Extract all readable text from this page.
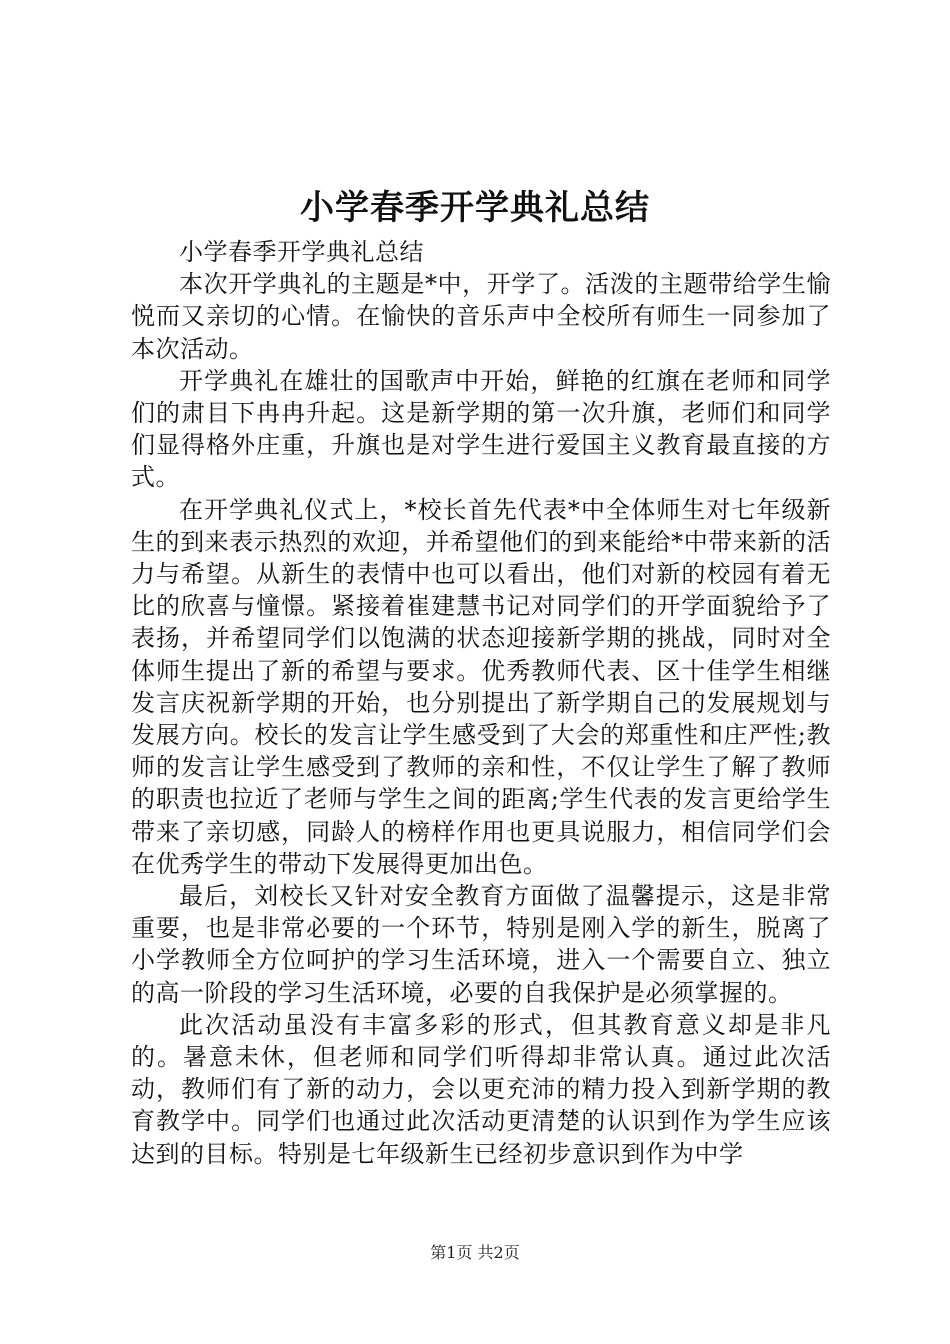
小学春季开学典礼总结

小学春季开学典礼总结

本次开学典礼的主题是*中，开学了。活泼的主题带给学生愉悦而又亲切的心情。在愉快的音乐声中全校所有师生一同参加了本次活动。

开学典礼在雄壮的国歌声中开始，鲜艳的红旗在老师和同学们的肃目下冉冉升起。这是新学期的第一次升旗，老师们和同学们显得格外庄重，升旗也是对学生进行爱国主义教育最直接的方式。

在开学典礼仪式上，*校长首先代表*中全体师生对七年级新生的到来表示热烈的欢迎，并希望他们的到来能给*中带来新的活力与希望。从新生的表情中也可以看出，他们对新的校园有着无比的欣喜与憧憬。紧接着崔建慧书记对同学们的开学面貌给予了表扬，并希望同学们以饱满的状态迎接新学期的挑战，同时对全体师生提出了新的希望与要求。优秀教师代表、区十佳学生相继发言庆祝新学期的开始，也分别提出了新学期自己的发展规划与发展方向。校长的发言让学生感受到了大会的郑重性和庄严性;教师的发言让学生感受到了教师的亲和性，不仅让学生了解了教师的职责也拉近了老师与学生之间的距离;学生代表的发言更给学生带来了亲切感，同龄人的榜样作用也更具说服力，相信同学们会在优秀学生的带动下发展得更加出色。

最后，刘校长又针对安全教育方面做了温馨提示，这是非常重要，也是非常必要的一个环节，特别是刚入学的新生，脱离了小学教师全方位呵护的学习生活环境，进入一个需要自立、独立的高一阶段的学习生活环境，必要的自我保护是必须掌握的。

此次活动虽没有丰富多彩的形式，但其教育意义却是非凡的。暑意未休，但老师和同学们听得却非常认真。通过此次活动，教师们有了新的动力，会以更充沛的精力投入到新学期的教育教学中。同学们也通过此次活动更清楚的认识到作为学生应该达到的目标。特别是七年级新生已经初步意识到作为中学

第1页 共2页
